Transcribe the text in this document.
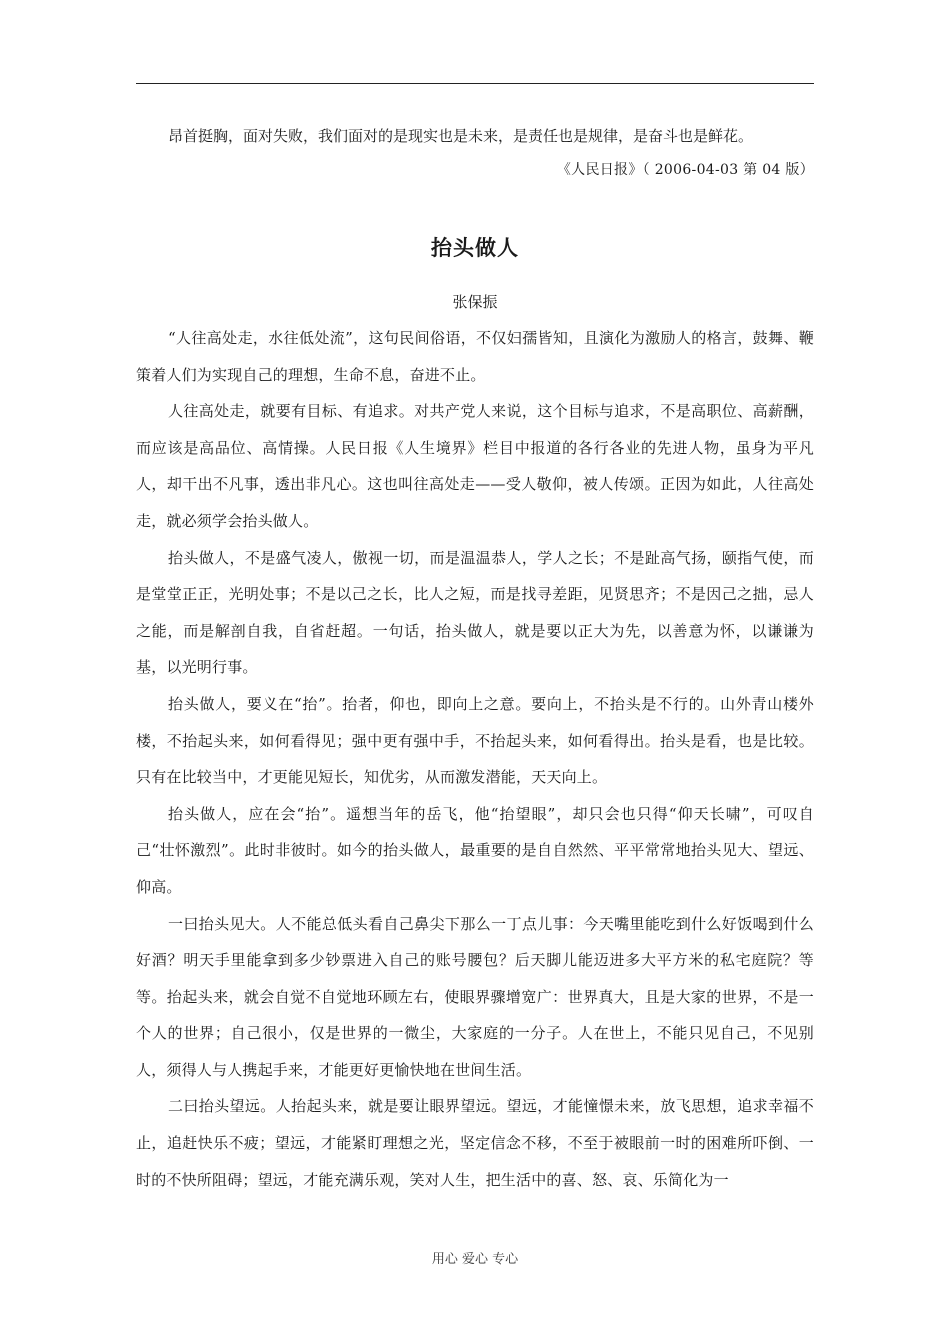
昂首挺胸，面对失败，我们面对的是现实也是未来，是责任也是规律，是奋斗也是鲜花。
《人民日报》（ 2006-04-03 第 04 版）
抬头做人
张保振

“人往高处走，水往低处流”，这句民间俗语，不仅妇孺皆知，且演化为激励人的格言，鼓舞、鞭策着人们为实现自己的理想，生命不息，奋进不止。

人往高处走，就要有目标、有追求。对共产党人来说，这个目标与追求，不是高职位、高薪酬，而应该是高品位、高情操。人民日报《人生境界》栏目中报道的各行各业的先进人物，虽身为平凡人，却干出不凡事，透出非凡心。这也叫往高处走——受人敬仰，被人传颂。正因为如此，人往高处走，就必须学会抬头做人。

抬头做人，不是盛气凌人，傲视一切，而是温温恭人，学人之长；不是趾高气扬，颐指气使，而是堂堂正正，光明处事；不是以己之长，比人之短，而是找寻差距，见贤思齐；不是因己之拙，忌人之能，而是解剖自我，自省赶超。一句话，抬头做人，就是要以正大为先，以善意为怀，以谦谦为基，以光明行事。

抬头做人，要义在“抬”。抬者，仰也，即向上之意。要向上，不抬头是不行的。山外青山楼外楼，不抬起头来，如何看得见；强中更有强中手，不抬起头来，如何看得出。抬头是看，也是比较。只有在比较当中，才更能见短长，知优劣，从而激发潜能，天天向上。

抬头做人，应在会“抬”。遥想当年的岳飞，他“抬望眼”，却只会也只得“仰天长啸”，可叹自己“壮怀激烈”。此时非彼时。如今的抬头做人，最重要的是自自然然、平平常常地抬头见大、望远、仰高。

一曰抬头见大。人不能总低头看自己鼻尖下那么一丁点儿事：今天嘴里能吃到什么好饭喝到什么好酒？明天手里能拿到多少钞票进入自己的账号腰包？后天脚儿能迈进多大平方米的私宅庭院？等等。抬起头来，就会自觉不自觉地环顾左右，使眼界骤增宽广：世界真大，且是大家的世界，不是一个人的世界；自己很小，仅是世界的一微尘，大家庭的一分子。人在世上，不能只见自己，不见别人，须得人与人携起手来，才能更好更愉快地在世间生活。

二曰抬头望远。人抬起头来，就是要让眼界望远。望远，才能憧憬未来，放飞思想，追求幸福不止，追赶快乐不疲；望远，才能紧盯理想之光，坚定信念不移，不至于被眼前一时的困难所吓倒、一时的不快所阻碍；望远，才能充满乐观，笑对人生，把生活中的喜、怒、哀、乐简化为一

用心 爱心 专心
